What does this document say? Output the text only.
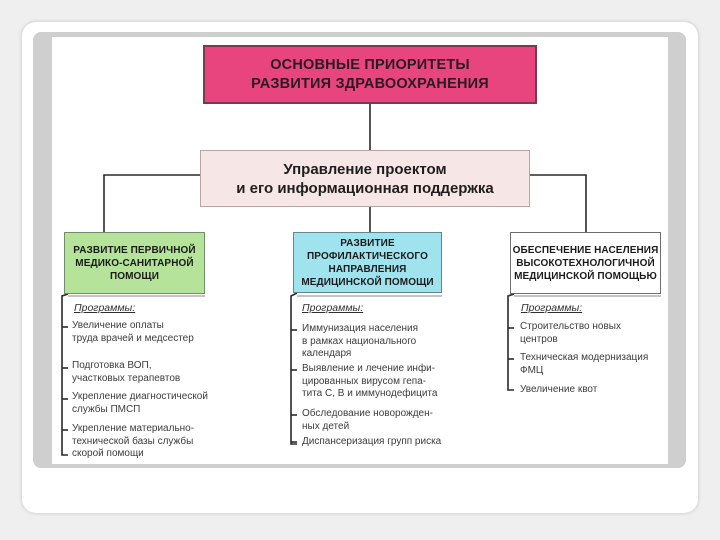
ОСНОВНЫЕ ПРИОРИТЕТЫ
РАЗВИТИЯ ЗДРАВООХРАНЕНИЯ
Управление проектом
и его информационная поддержка
РАЗВИТИЕ ПЕРВИЧНОЙ
МЕДИКО-САНИТАРНОЙ
ПОМОЩИ
РАЗВИТИЕ
ПРОФИЛАКТИЧЕСКОГО
НАПРАВЛЕНИЯ
МЕДИЦИНСКОЙ ПОМОЩИ
ОБЕСПЕЧЕНИЕ НАСЕЛЕНИЯ
ВЫСОКОТЕХНОЛОГИЧНОЙ
МЕДИЦИНСКОЙ ПОМОЩЬЮ
Программы:

Увеличение оплаты
труда врачей и медсестер

Подготовка ВОП,
участковых терапевтов

Укрепление диагностической
службы ПМСП

Укрепление материально-
технической базы службы
скорой помощи

Программы:

Иммунизация населения
в рамках национального
календаря

Выявление и лечение инфи-
цированных вирусом гепа-
тита С, В и иммунодефицита

Обследование новорожден-
ных детей

Диспансеризация групп риска

Программы:

Строительство новых
центров

Техническая модернизация
ФМЦ

Увеличение квот
